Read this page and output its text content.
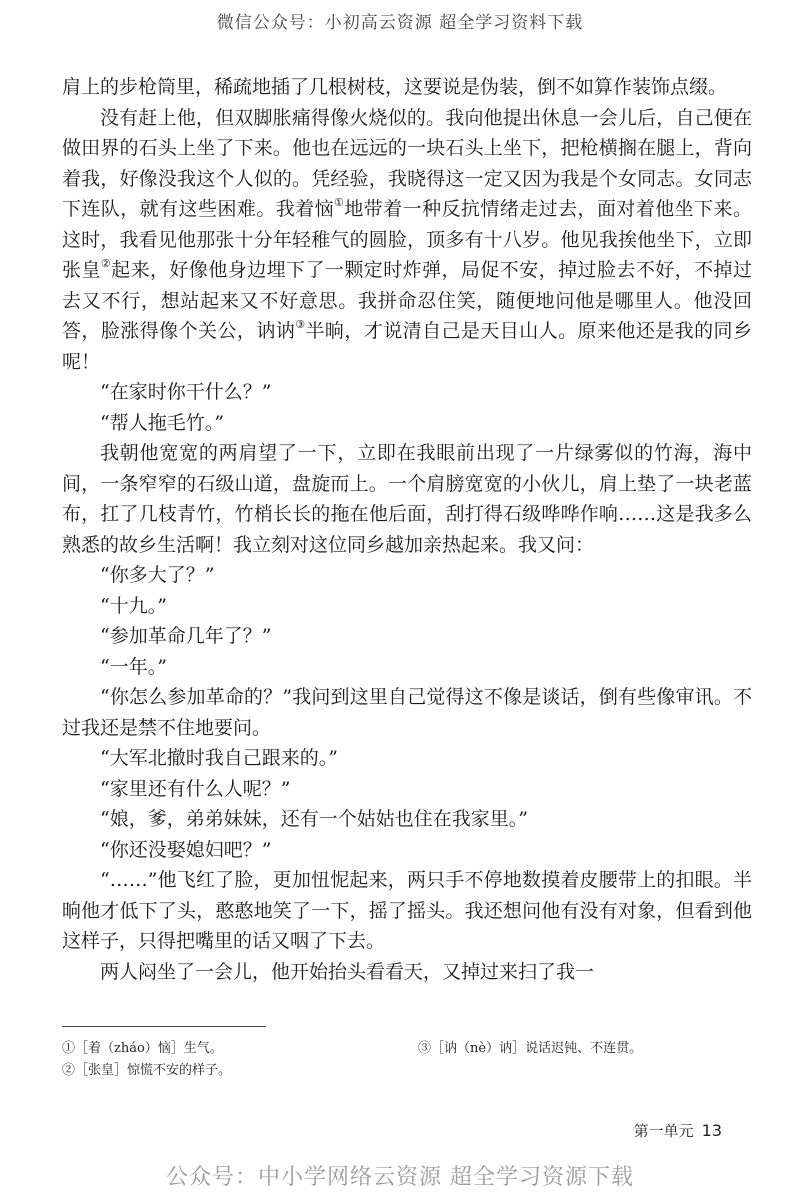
微信公众号：小初高云资源 超全学习资料下载

肩上的步枪筒里，稀疏地插了几根树枝，这要说是伪装，倒不如算作装饰点缀。

没有赶上他，但双脚胀痛得像火烧似的。我向他提出休息一会儿后，自己便在做田界的石头上坐了下来。他也在远远的一块石头上坐下，把枪横搁在腿上，背向着我，好像没我这个人似的。凭经验，我晓得这一定又因为我是个女同志。女同志下连队，就有这些困难。我着恼①地带着一种反抗情绪走过去，面对着他坐下来。这时，我看见他那张十分年轻稚气的圆脸，顶多有十八岁。他见我挨他坐下，立即张皇②起来，好像他身边埋下了一颗定时炸弹，局促不安，掉过脸去不好，不掉过去又不行，想站起来又不好意思。我拼命忍住笑，随便地问他是哪里人。他没回答，脸涨得像个关公，讷讷③半晌，才说清自己是天目山人。原来他还是我的同乡呢！

“在家时你干什么？”

“帮人拖毛竹。”

我朝他宽宽的两肩望了一下，立即在我眼前出现了一片绿雾似的竹海，海中间，一条窄窄的石级山道，盘旋而上。一个肩膀宽宽的小伙儿，肩上垫了一块老蓝布，扛了几枝青竹，竹梢长长的拖在他后面，刮打得石级哗哗作响……这是我多么熟悉的故乡生活啊！我立刻对这位同乡越加亲热起来。我又问：

“你多大了？”

“十九。”

“参加革命几年了？”

“一年。”

“你怎么参加革命的？”我问到这里自己觉得这不像是谈话，倒有些像审讯。不过我还是禁不住地要问。

“大军北撤时我自己跟来的。”

“家里还有什么人呢？”

“娘，爹，弟弟妹妹，还有一个姑姑也住在我家里。”

“你还没娶媳妇吧？”

“……”他飞红了脸，更加忸怩起来，两只手不停地数摸着皮腰带上的扣眼。半晌他才低下了头，憨憨地笑了一下，摇了摇头。我还想问他有没有对象，但看到他这样子，只得把嘴里的话又咽了下去。

两人闷坐了一会儿，他开始抬头看看天，又掉过来扫了我一

①［着（zháo）恼］生气。
②［张皇］惊慌不安的样子。
③［讷（nè）讷］说话迟钝、不连贯。
第一单元 13
公众号：中小学网络云资源 超全学习资源下载
